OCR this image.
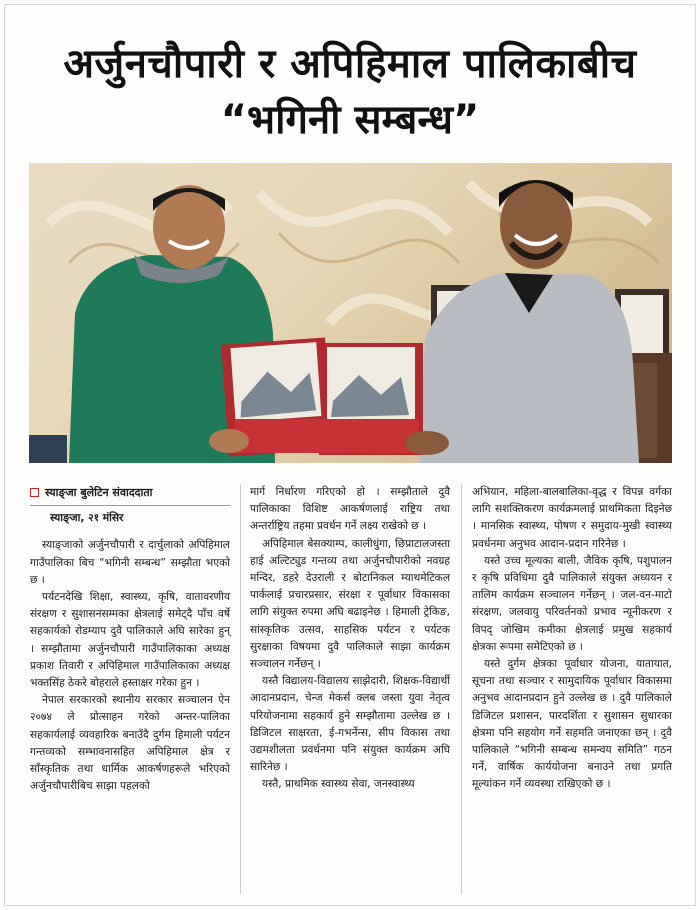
अर्जुनचौपारी र अपिहिमाल पालिकाबीच
“भगिनी सम्बन्ध”
स्याङ्जा बुलेटिन संवाददाता
स्याङ्जा, २१ मंसिर

स्याङ्जाको अर्जुनचौपारी र दार्चुलाको अपिहिमाल गाउँपालिका बिच “भगिनी सम्बन्ध” सम्झौता भएको छ ।

पर्यटनदेखि शिक्षा, स्वास्थ्य, कृषि, वातावरणीय संरक्षण र सुशासनसम्मका क्षेत्रलाई समेट्दै पाँच वर्षे सहकार्यको रोडम्याप दुवै पालिकाले अघि सारेका हुन् । सम्झौतामा अर्जुनचौपारी गाउँपालिकाका अध्यक्ष प्रकाश तिवारी र अपिहिमाल गाउँपालिकाका अध्यक्ष भक्तसिंह ठेकरे बोहराले हस्ताक्षर गरेका हुन ।

नेपाल सरकारको स्थानीय सरकार सञ्चालन ऐन २०७४ ले प्रोत्साहन गरेको अन्तर-पालिका सहकार्यलाई व्यवहारिक बनाउँदै दुर्गम हिमाली पर्यटन गन्तव्यको सम्भावनासहित अपिहिमाल क्षेत्र र साँस्कृतिक तथा धार्मिक आकर्षणहरूले भरिएको अर्जुनचौपारीबिच साझा पहलको

मार्ग निर्धारण गरिएको हो । सम्झौताले दुवै पालिकाका विशिष्ट आकर्षणलाई राष्ट्रिय तथा अन्तर्राष्ट्रिय तहमा प्रवर्धन गर्ने लक्ष्य राखेको छ ।

अपिहिमाल बेसक्याम्प, कालीधुंगा, छिप्राटालजस्ता हाई अल्टिट्युड गन्तव्य तथा अर्जुनचौपारीको नवग्रह मन्दिर, डहरे देउराली र बोटानिकल म्याथमेटिकल पार्कलाई प्रचारप्रसार, संरक्षा र पूर्वाधार विकासका लागि संयुक्त रुपमा अघि बढाइनेछ । हिमाली ट्रेकिङ, सांस्कृतिक उत्सव, साहसिक पर्यटन र पर्यटक सुरक्षाका विषयमा दुवै पालिकाले साझा कार्यक्रम सञ्चालन गर्नेछन् ।

यस्तै विद्यालय-विद्यालय साझेदारी, शिक्षक-विद्यार्थी आदानप्रदान, चेन्ज मेकर्स क्लब जस्ता युवा नेतृत्व परियोजनामा सहकार्य हुने सम्झौतामा उल्लेख छ । डिजिटल साक्षरता, ई-गभर्नेन्स, सीप विकास तथा उद्यमशीलता प्रवर्धनमा पनि संयुक्त कार्यक्रम अघि सारिनेछ ।

यस्तै, प्राथमिक स्वास्थ्य सेवा, जनस्वास्थ्य

अभियान, महिला-बालबालिका-वृद्ध र विपन्न वर्गका लागि सशक्तिकरण कार्यक्रमलाई प्राथमिकता दिइनेछ । मानसिक स्वास्थ्य, पोषण र समुदाय-मुखी स्वास्थ्य प्रवर्धनमा अनुभव आदान-प्रदान गरिनेछ ।

यस्ते उच्च मूल्यका बाली, जैविक कृषि, पशुपालन र कृषि प्रविधिमा दुवै पालिकाले संयुक्त अध्ययन र तालिम कार्यक्रम सञ्चालन गर्नेछन् । जल-वन-माटो संरक्षण, जलवायु परिवर्तनको प्रभाव न्यूनीकरण र विपद् जोखिम कमीका क्षेत्रलाई प्रमुख सहकार्य क्षेत्रका रूपमा समेटिएको छ ।

यस्ते दुर्गम क्षेत्रका पूर्वाधार योजना, यातायात, सूचना तथा सञ्चार र सामुदायिक पूर्वाधार विकासमा अनुभव आदानप्रदान हुने उल्लेख छ । दुवै पालिकाले डिजिटल प्रशासन, पारदर्शिता र सुशासन सुधारका क्षेत्रमा पनि सहयोग गर्ने सहमति जनाएका छन् । दुवै पालिकाले “भगिनी सम्बन्ध समन्वय समिति” गठन गर्ने, वार्षिक कार्ययोजना बनाउने तथा प्रगति मूल्यांकन गर्ने व्यवस्था राखिएको छ ।
